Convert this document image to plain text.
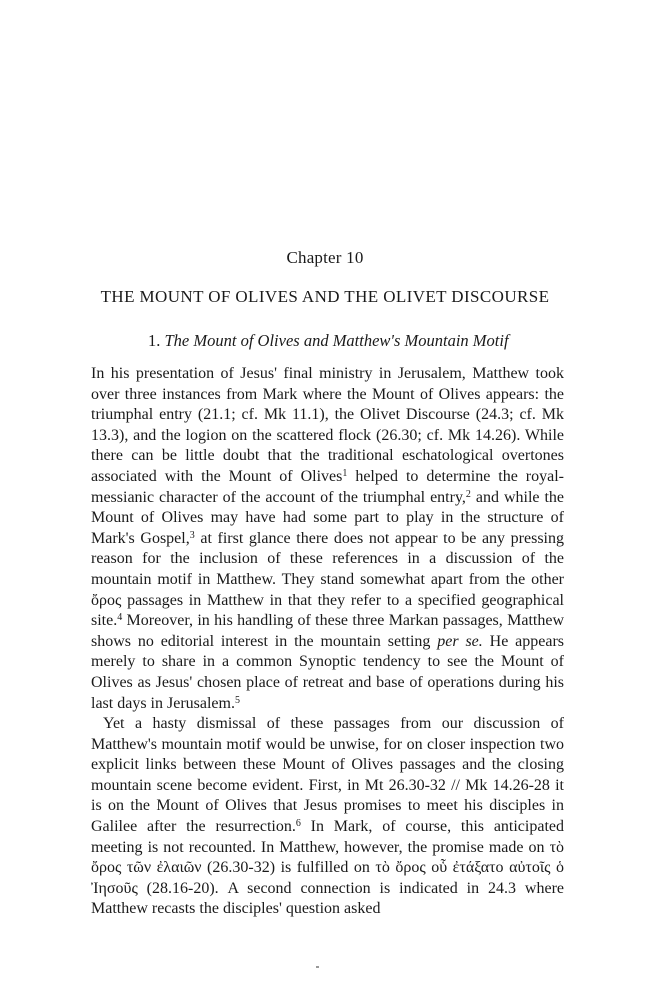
Chapter 10
THE MOUNT OF OLIVES AND THE OLIVET DISCOURSE
1. The Mount of Olives and Matthew's Mountain Motif

In his presentation of Jesus' final ministry in Jerusalem, Matthew took over three instances from Mark where the Mount of Olives appears: the triumphal entry (21.1; cf. Mk 11.1), the Olivet Discourse (24.3; cf. Mk 13.3), and the logion on the scattered flock (26.30; cf. Mk 14.26). While there can be little doubt that the traditional eschatological overtones associated with the Mount of Olives$^1$ helped to determine the royal-messianic character of the account of the triumphal entry,$^2$ and while the Mount of Olives may have had some part to play in the structure of Mark's Gospel,$^3$ at first glance there does not appear to be any pressing reason for the inclusion of these references in a discussion of the mountain motif in Matthew. They stand somewhat apart from the other ὄρος passages in Matthew in that they refer to a specified geographical site.$^4$ Moreover, in his handling of these three Markan passages, Matthew shows no editorial interest in the mountain setting per se. He appears merely to share in a common Synoptic tendency to see the Mount of Olives as Jesus' chosen place of retreat and base of operations during his last days in Jerusalem.$^5$

Yet a hasty dismissal of these passages from our discussion of Matthew's mountain motif would be unwise, for on closer inspection two explicit links between these Mount of Olives passages and the closing mountain scene become evident. First, in Mt 26.30-32 // Mk 14.26-28 it is on the Mount of Olives that Jesus promises to meet his disciples in Galilee after the resurrection.$^6$ In Mark, of course, this anticipated meeting is not recounted. In Matthew, however, the promise made on τὸ ὄρος τῶν ἐλαιῶν (26.30-32) is fulfilled on τὸ ὄρος οὗ ἐτάξατο αὐτοῖς ὁ Ἰησοῦς (28.16-20). A second connection is indicated in 24.3 where Matthew recasts the disciples' question asked
